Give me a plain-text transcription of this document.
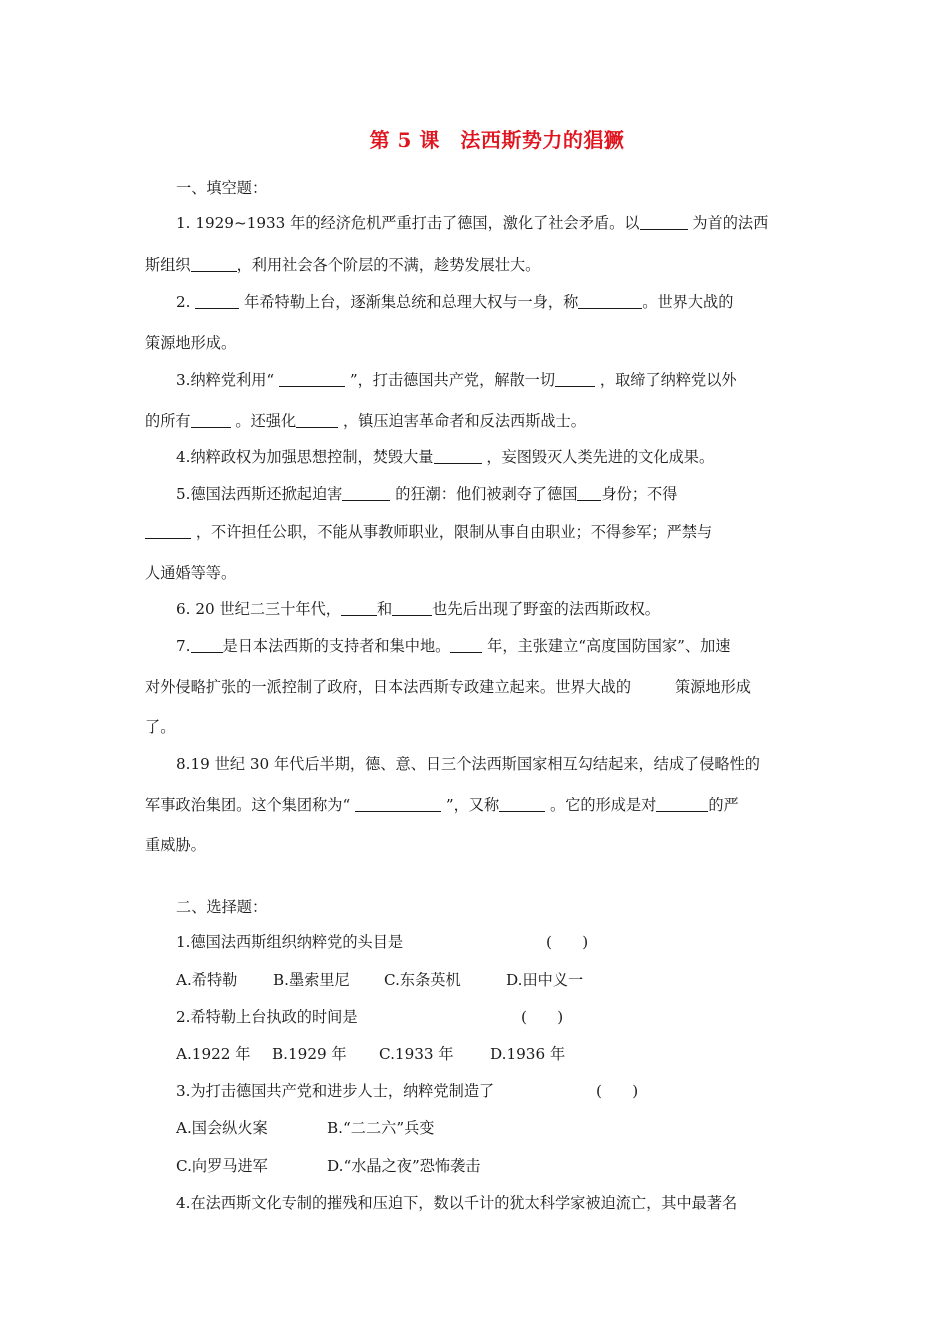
第 5 课　法西斯势力的猖獗
一、填空题：
1. 1929~1933 年的经济危机严重打击了德国，激化了社会矛盾。以	为首的法西
斯组织	，利用社会各个阶层的不满，趁势发展壮大。
2.	年希特勒上台，逐渐集总统和总理大权与一身，称	。世界大战的
策源地形成。
3.纳粹党利用“	”，打击德国共产党，解散一切	，取缔了纳粹党以外
的所有	。还强化	，镇压迫害革命者和反法西斯战士。
4.纳粹政权为加强思想控制，焚毁大量	，妄图毁灭人类先进的文化成果。
5.德国法西斯还掀起迫害	的狂潮：他们被剥夺了德国 身份；不得
，不许担任公职，不能从事教师职业，限制从事自由职业；不得参军；严禁与
人通婚等等。
6. 20 世纪二三十年代， 和	也先后出现了野蛮的法西斯政权。
7. 是日本法西斯的支持者和集中地。 年，主张建立“高度国防国家”、加速
对外侵略扩张的一派控制了政府，日本法西斯专政建立起来。世界大战的	策源地形成
了。
8.19 世纪 30 年代后半期，德、意、日三个法西斯国家相互勾结起来，结成了侵略性的
军事政治集团。这个集团称为“	”，又称	。它的形成是对	的严
重威胁。
二、选择题：
1.德国法西斯组织纳粹党的头目是	(　　)
A.希特勒 B.墨索里尼 C.东条英机	D.田中义一
2.希特勒上台执政的时间是	(　　)
A.1922 年 B.1929 年 C.1933 年 D.1936 年
3.为打击德国共产党和进步人士，纳粹党制造了	(　　)
A.国会纵火案	B.“二二六”兵变
C.向罗马进军	D.“水晶之夜”恐怖袭击
4.在法西斯文化专制的摧残和压迫下，数以千计的犹太科学家被迫流亡，其中最著名
